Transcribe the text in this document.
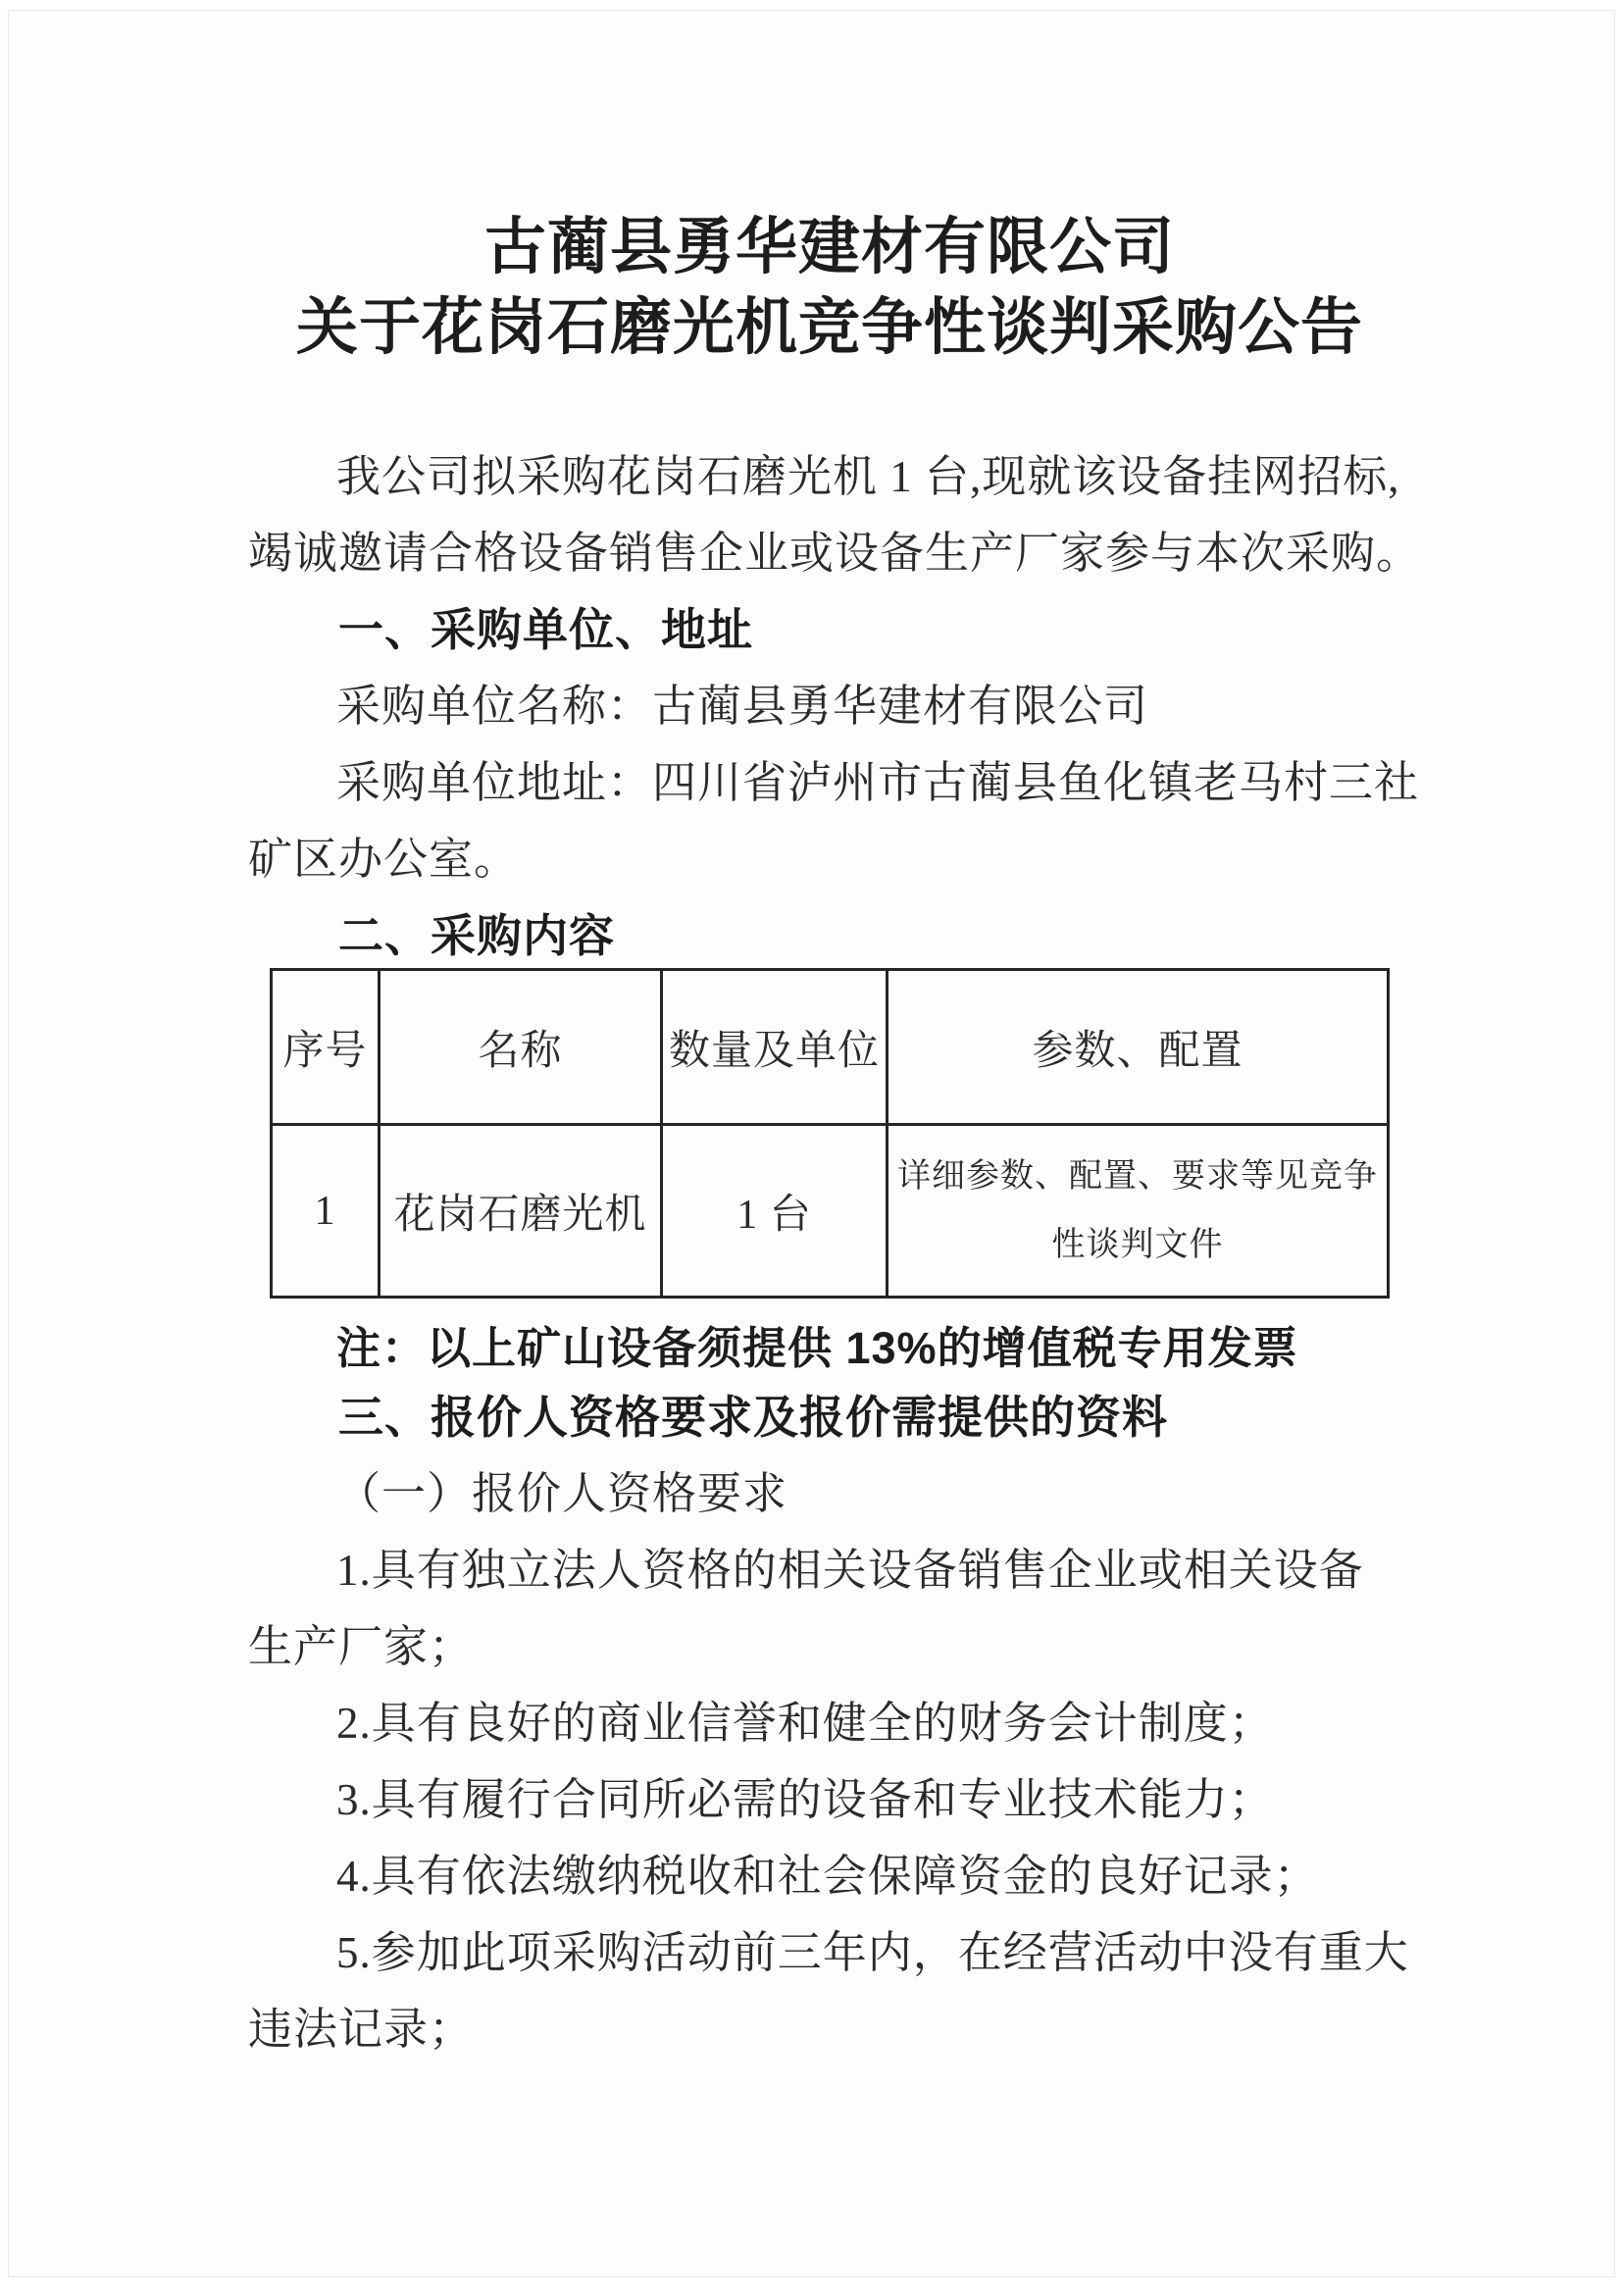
古蔺县勇华建材有限公司
关于花岗石磨光机竞争性谈判采购公告

我公司拟采购花岗石磨光机 1 台,现就该设备挂网招标,

竭诚邀请合格设备销售企业或设备生产厂家参与本次采购。

一、采购单位、地址

采购单位名称：古蔺县勇华建材有限公司

采购单位地址：四川省泸州市古蔺县鱼化镇老马村三社

矿区办公室。

二、采购内容

序号	名称	数量及单位	参数、配置
1	花岗石磨光机	1 台	详细参数、配置、要求等见竞争
性谈判文件

注：以上矿山设备须提供 13%的增值税专用发票

三、报价人资格要求及报价需提供的资料

（一）报价人资格要求

1.具有独立法人资格的相关设备销售企业或相关设备

生产厂家；

2.具有良好的商业信誉和健全的财务会计制度；

3.具有履行合同所必需的设备和专业技术能力；

4.具有依法缴纳税收和社会保障资金的良好记录；

5.参加此项采购活动前三年内，在经营活动中没有重大

违法记录；
